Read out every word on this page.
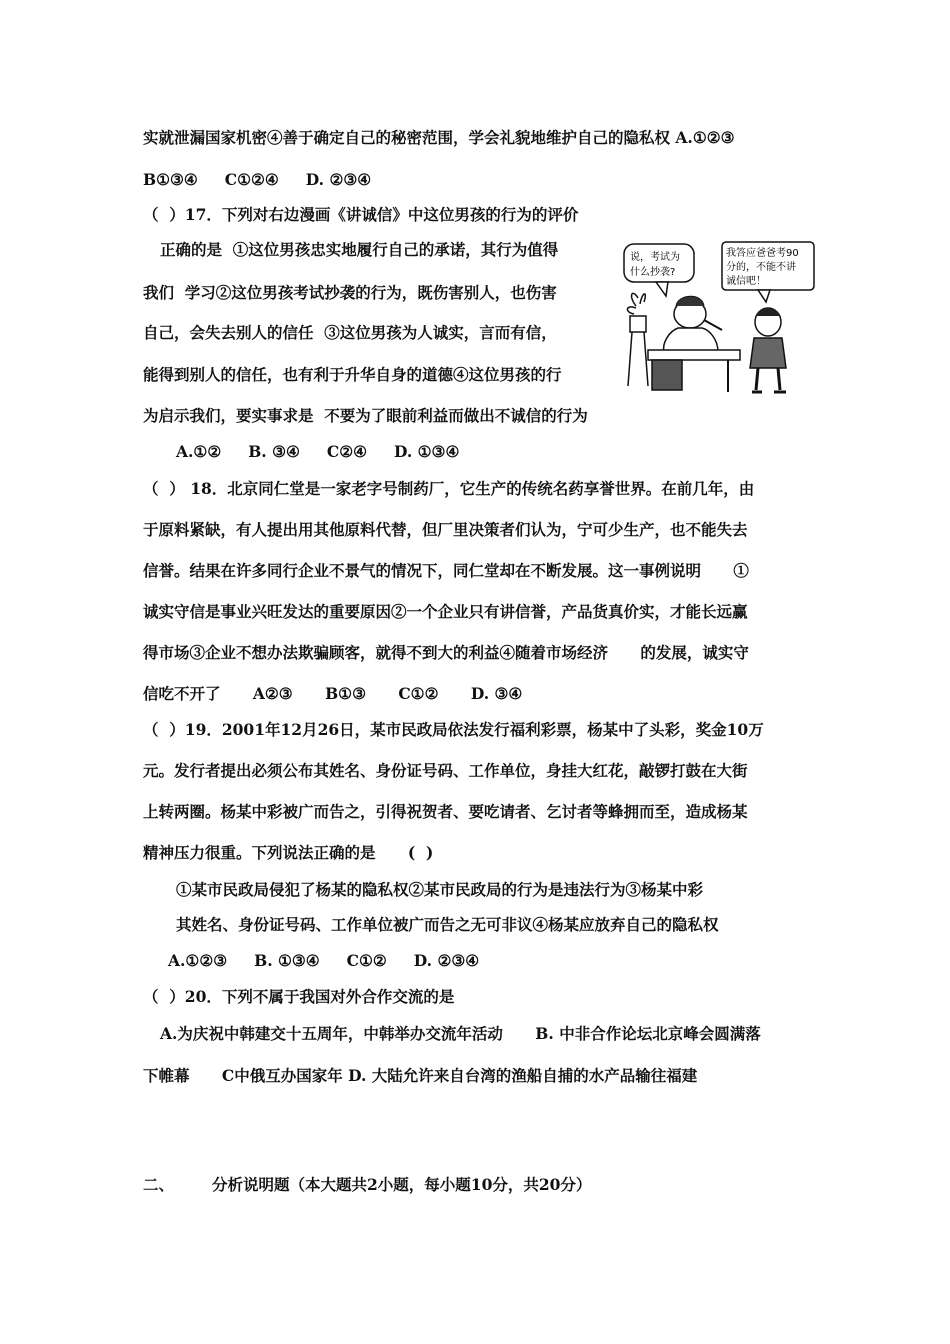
实就泄漏国家机密④善于确定自己的秘密范围，学会礼貌地维护自己的隐私权 A.①②③
B①③④     C①②④     D. ②③④
（  ）17．下列对右边漫画《讲诚信》中这位男孩的行为的评价
正确的是  ①这位男孩忠实地履行自己的承诺，其行为值得
我们  学习②这位男孩考试抄袭的行为，既伤害别人，也伤害
自己，会失去别人的信任  ③这位男孩为人诚实，言而有信，
能得到别人的信任，也有利于升华自身的道德④这位男孩的行
为启示我们，要实事求是  不要为了眼前利益而做出不诚信的行为
A.①②     B. ③④     C②④     D. ①③④
说，考试为
什么抄袭?
我答应爸爸考90
分的，不能不讲
诚信吧！
（  ） 18．北京同仁堂是一家老字号制药厂，它生产的传统名药享誉世界。在前几年，由
于原料紧缺，有人提出用其他原料代替，但厂里决策者们认为，宁可少生产，也不能失去
信誉。结果在许多同行企业不景气的情况下，同仁堂却在不断发展。这一事例说明      ①
诚实守信是事业兴旺发达的重要原因②一个企业只有讲信誉，产品货真价实，才能长远赢
得市场③企业不想办法欺骗顾客，就得不到大的利益④随着市场经济      的发展，诚实守
信吃不开了      A②③      B①③      C①②      D. ③④
（  ）19．2001年12月26日，某市民政局依法发行福利彩票，杨某中了头彩，奖金10万
元。发行者提出必须公布其姓名、身份证号码、工作单位，身挂大红花，敲锣打鼓在大街
上转两圈。杨某中彩被广而告之，引得祝贺者、要吃请者、乞讨者等蜂拥而至，造成杨某
精神压力很重。下列说法正确的是      (  )
①某市民政局侵犯了杨某的隐私权②某市民政局的行为是违法行为③杨某中彩
其姓名、身份证号码、工作单位被广而告之无可非议④杨某应放弃自己的隐私权
A.①②③     B. ①③④     C①②     D. ②③④
（  ）20．下列不属于我国对外合作交流的是
A.为庆祝中韩建交十五周年，中韩举办交流年活动      B. 中非合作论坛北京峰会圆满落
下帷幕      C中俄互办国家年 D. 大陆允许来自台湾的渔船自捕的水产品输往福建
二、 分析说明题（本大题共2小题，每小题10分，共20分）
